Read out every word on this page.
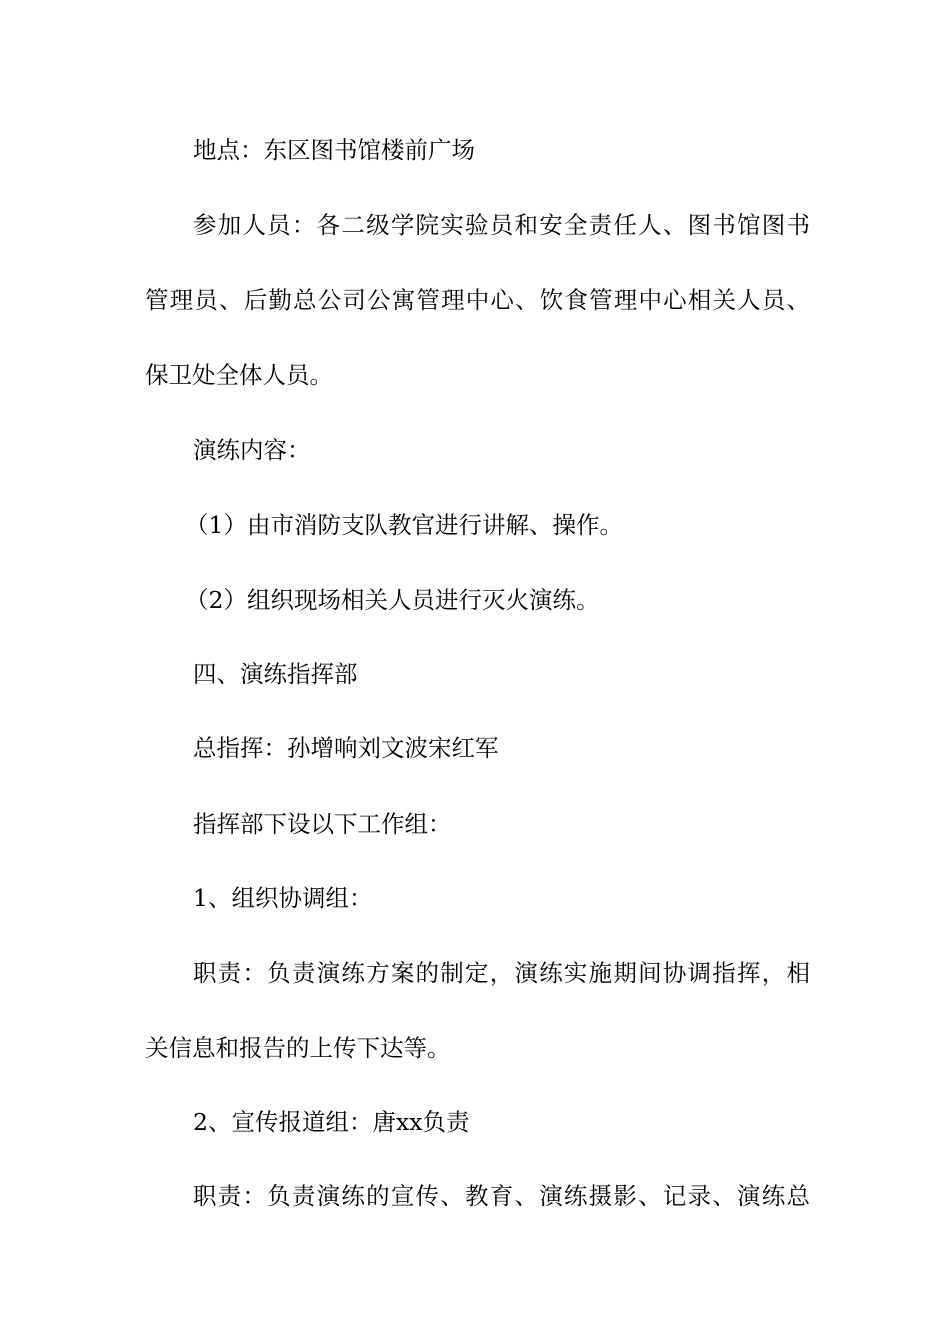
地点：东区图书馆楼前广场
参加人员：各二级学院实验员和安全责任人、图书馆图书
管理员、后勤总公司公寓管理中心、饮食管理中心相关人员、
保卫处全体人员。
演练内容：
（1）由市消防支队教官进行讲解、操作。
（2）组织现场相关人员进行灭火演练。
四、演练指挥部
总指挥：孙增响刘文波宋红军
指挥部下设以下工作组：
1、组织协调组：
职责：负责演练方案的制定，演练实施期间协调指挥，相
关信息和报告的上传下达等。
2、宣传报道组：唐xx负责
职责：负责演练的宣传、教育、演练摄影、记录、演练总
